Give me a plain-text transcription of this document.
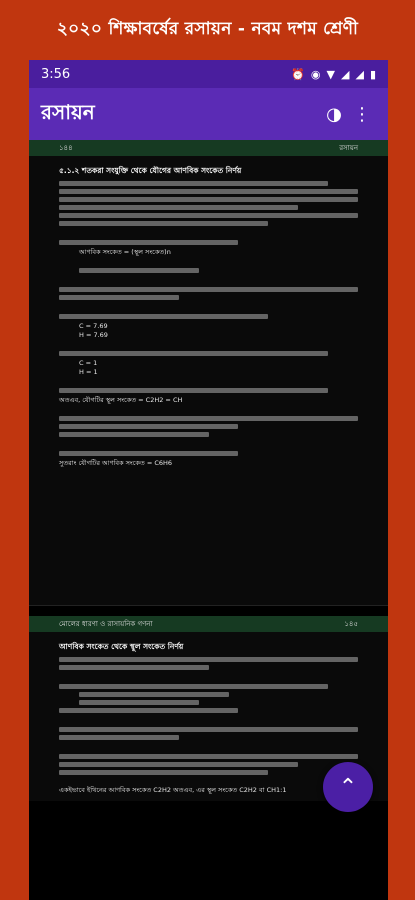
২০২০ শিক্ষাবর্ষের রসায়ন - নবম দশম শ্রেণী
3:56	⏰ ◉ ▼ ◢ ◢ ▮
রসায়ন	◑ ⋮
১৪৪	রসায়ন
৫.১.২ শতকরা সংযুক্তি থেকে যৌগের আণবিক সংকেত নির্ণয়
আণবিক সংকেত = (স্থূল সংকেত)n
C = 7.69
H = 7.69
C = 1
H = 1
অতএব, যৌগটির স্থূল সংকেত = C2H2 = CH
সুতরাং যৌগটির আণবিক সংকেত = C6H6
মোলের ধারণা ও রাসায়নিক গণনা	১৪৫
আণবিক সংকেত থেকে স্থূল সংকেত নির্ণয়
একইভাবে ইথিনের আণবিক সংকেত C2H2 অতএব, এর স্থূল সংকেত C2H2 বা CH1:1	⌃
